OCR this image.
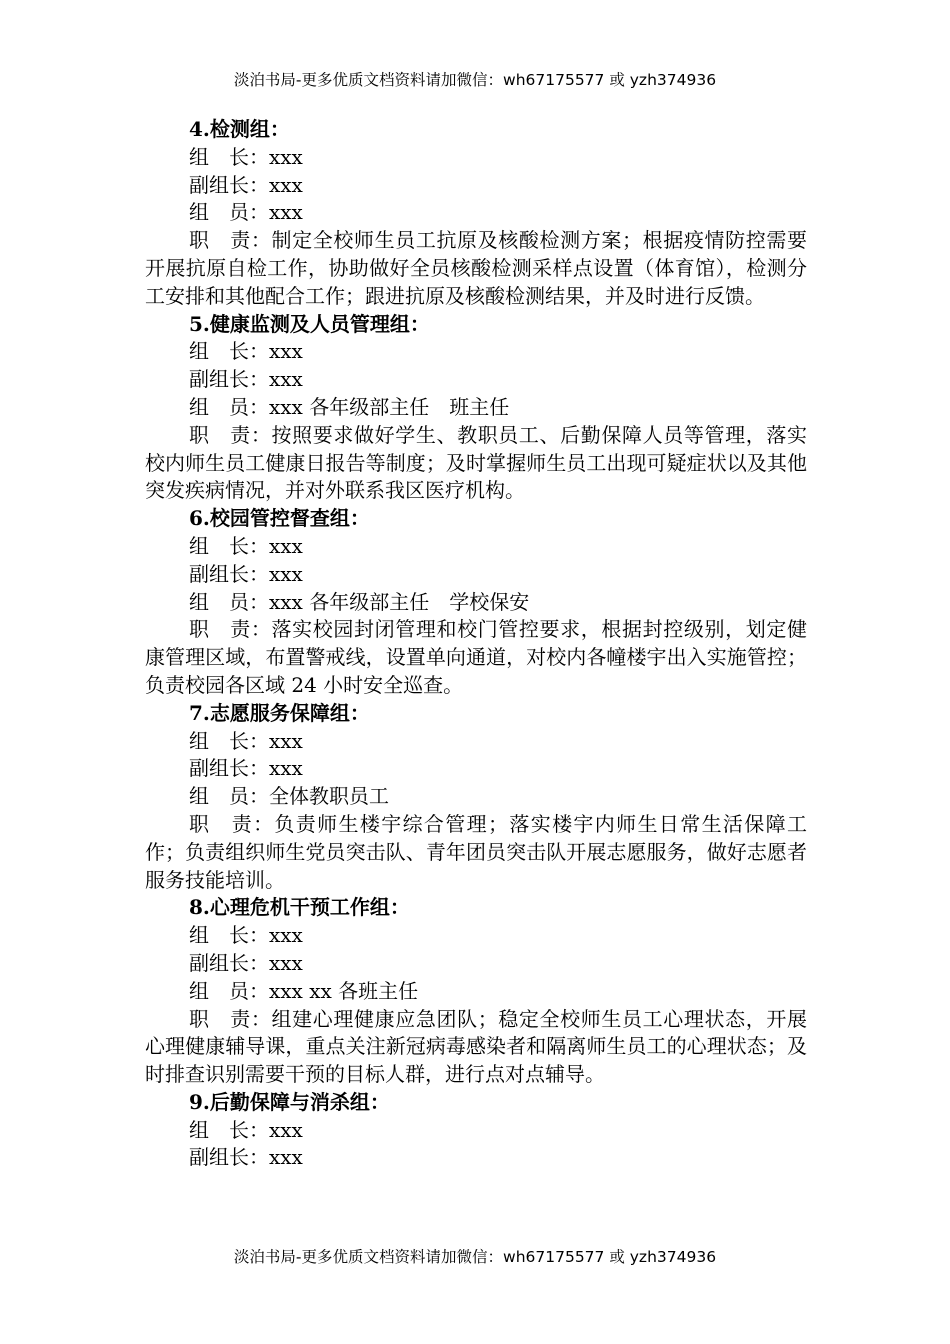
淡泊书局-更多优质文档资料请加微信：wh67175577 或 yzh374936
4.检测组：
组　长：xxx
副组长：xxx
组　员：xxx
职　责：制定全校师生员工抗原及核酸检测方案；根据疫情防控需要开展抗原自检工作，协助做好全员核酸检测采样点设置（体育馆），检测分工安排和其他配合工作；跟进抗原及核酸检测结果，并及时进行反馈。
5.健康监测及人员管理组：
组　长：xxx
副组长：xxx
组　员：xxx 各年级部主任　班主任
职　责：按照要求做好学生、教职员工、后勤保障人员等管理，落实校内师生员工健康日报告等制度；及时掌握师生员工出现可疑症状以及其他突发疾病情况，并对外联系我区医疗机构。
6.校园管控督查组：
组　长：xxx
副组长：xxx
组　员：xxx 各年级部主任　学校保安
职　责：落实校园封闭管理和校门管控要求，根据封控级别，划定健康管理区域，布置警戒线，设置单向通道，对校内各幢楼宇出入实施管控；负责校园各区域 24 小时安全巡查。
7.志愿服务保障组：
组　长：xxx
副组长：xxx
组　员：全体教职员工
职　责：负责师生楼宇综合管理；落实楼宇内师生日常生活保障工作；负责组织师生党员突击队、青年团员突击队开展志愿服务，做好志愿者服务技能培训。
8.心理危机干预工作组：
组　长：xxx
副组长：xxx
组　员：xxx xx 各班主任
职　责：组建心理健康应急团队；稳定全校师生员工心理状态，开展心理健康辅导课，重点关注新冠病毒感染者和隔离师生员工的心理状态；及时排查识别需要干预的目标人群，进行点对点辅导。
9.后勤保障与消杀组：
组　长：xxx
副组长：xxx
淡泊书局-更多优质文档资料请加微信：wh67175577 或 yzh374936
